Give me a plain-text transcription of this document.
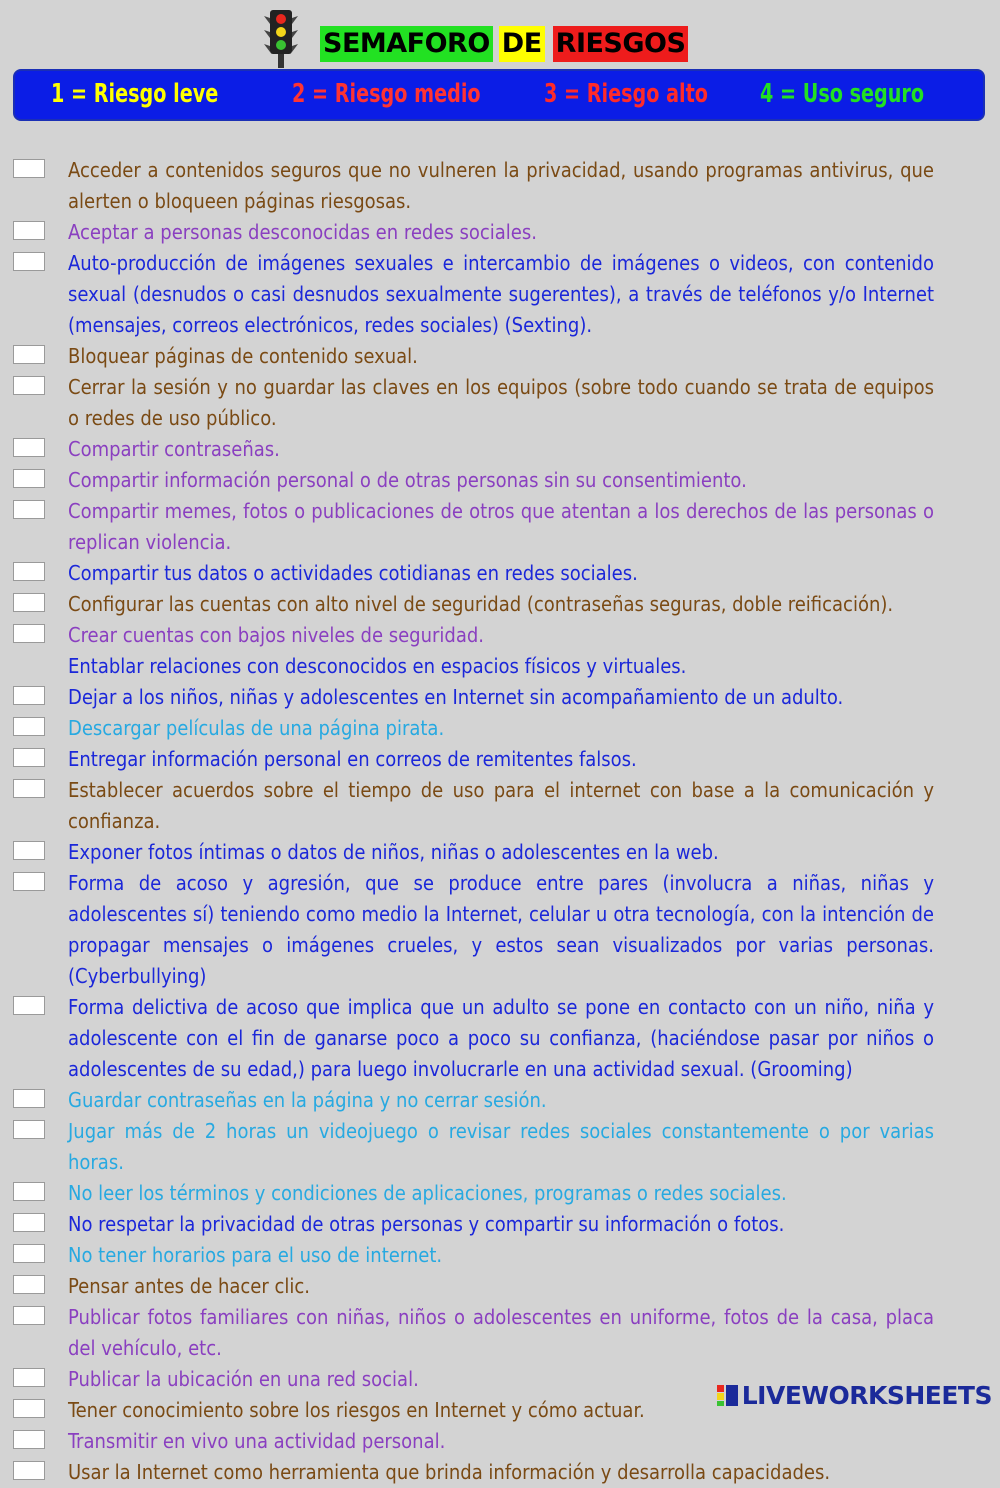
SEMAFORO DE RIESGOS
1 = Riesgo leve	2 = Riesgo medio 3 = Riesgo alto 4 = Uso seguro
Acceder a contenidos seguros que no vulneren la privacidad, usando programas antivirus, que alerten o bloqueen páginas riesgosas.
Aceptar a personas desconocidas en redes sociales.
Auto-producción de imágenes sexuales e intercambio de imágenes o videos, con contenido sexual (desnudos o casi desnudos sexualmente sugerentes), a través de teléfonos y/o Internet (mensajes, correos electrónicos, redes sociales) (Sexting).
Bloquear páginas de contenido sexual.
Cerrar la sesión y no guardar las claves en los equipos (sobre todo cuando se trata de equipos o redes de uso público.
Compartir contraseñas.
Compartir información personal o de otras personas sin su consentimiento.
Compartir memes, fotos o publicaciones de otros que atentan a los derechos de las personas o replican violencia.
Compartir tus datos o actividades cotidianas en redes sociales.
Configurar las cuentas con alto nivel de seguridad (contraseñas seguras, doble reificación).
Crear cuentas con bajos niveles de seguridad.
Entablar relaciones con desconocidos en espacios físicos y virtuales.
Dejar a los niños, niñas y adolescentes en Internet sin acompañamiento de un adulto.
Descargar películas de una página pirata.
Entregar información personal en correos de remitentes falsos.
Establecer acuerdos sobre el tiempo de uso para el internet con base a la comunicación y confianza.
Exponer fotos íntimas o datos de niños, niñas o adolescentes en la web.
Forma de acoso y agresión, que se produce entre pares (involucra a niñas, niñas y adolescentes sí) teniendo como medio la Internet, celular u otra tecnología, con la intención de propagar mensajes o imágenes crueles, y estos sean visualizados por varias personas. (Cyberbullying)
Forma delictiva de acoso que implica que un adulto se pone en contacto con un niño, niña y adolescente con el fin de ganarse poco a poco su confianza, (haciéndose pasar por niños o adolescentes de su edad,) para luego involucrarle en una actividad sexual. (Grooming)
Guardar contraseñas en la página y no cerrar sesión.
Jugar más de 2 horas un videojuego o revisar redes sociales constantemente o por varias horas.
No leer los términos y condiciones de aplicaciones, programas o redes sociales.
No respetar la privacidad de otras personas y compartir su información o fotos.
No tener horarios para el uso de internet.
Pensar antes de hacer clic.
Publicar fotos familiares con niñas, niños o adolescentes en uniforme, fotos de la casa, placa del vehículo, etc.
Publicar la ubicación en una red social.
Tener conocimiento sobre los riesgos en Internet y cómo actuar.
Transmitir en vivo una actividad personal.
Usar la Internet como herramienta que brinda información y desarrolla capacidades.
LIVEWORKSHEETS
